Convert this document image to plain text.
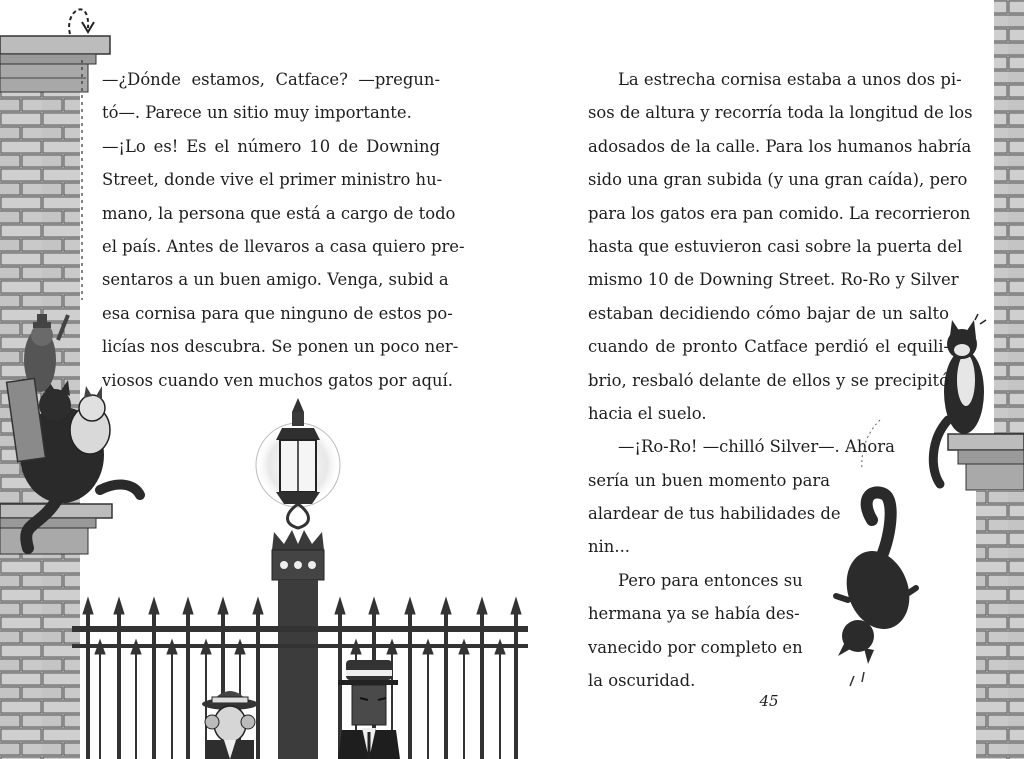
—¿Dónde estamos, Catface? —pregun-
tó—. Parece un sitio muy importante.
—¡Lo es! Es el número 10 de Downing
Street, donde vive el primer ministro hu-
mano, la persona que está a cargo de todo
el país. Antes de llevaros a casa quiero pre-
sentaros a un buen amigo. Venga, subid a
esa cornisa para que ninguno de estos po-
licías nos descubra. Se ponen un poco ner-
viosos cuando ven muchos gatos por aquí.
La estrecha cornisa estaba a unos dos pi-
sos de altura y recorría toda la longitud de los
adosados de la calle. Para los humanos habría
sido una gran subida (y una gran caída), pero
para los gatos era pan comido. La recorrieron
hasta que estuvieron casi sobre la puerta del
mismo 10 de Downing Street. Ro-Ro y Silver
estaban decidiendo cómo bajar de un salto
cuando de pronto Catface perdió el equili-
brio, resbaló delante de ellos y se precipitó
hacia el suelo.
—¡Ro-Ro! —chilló Silver—. Ahora
sería un buen momento para
alardear de tus habilidades de
nin...
Pero para entonces su
hermana ya se había des-
vanecido por completo en
la oscuridad.
45
